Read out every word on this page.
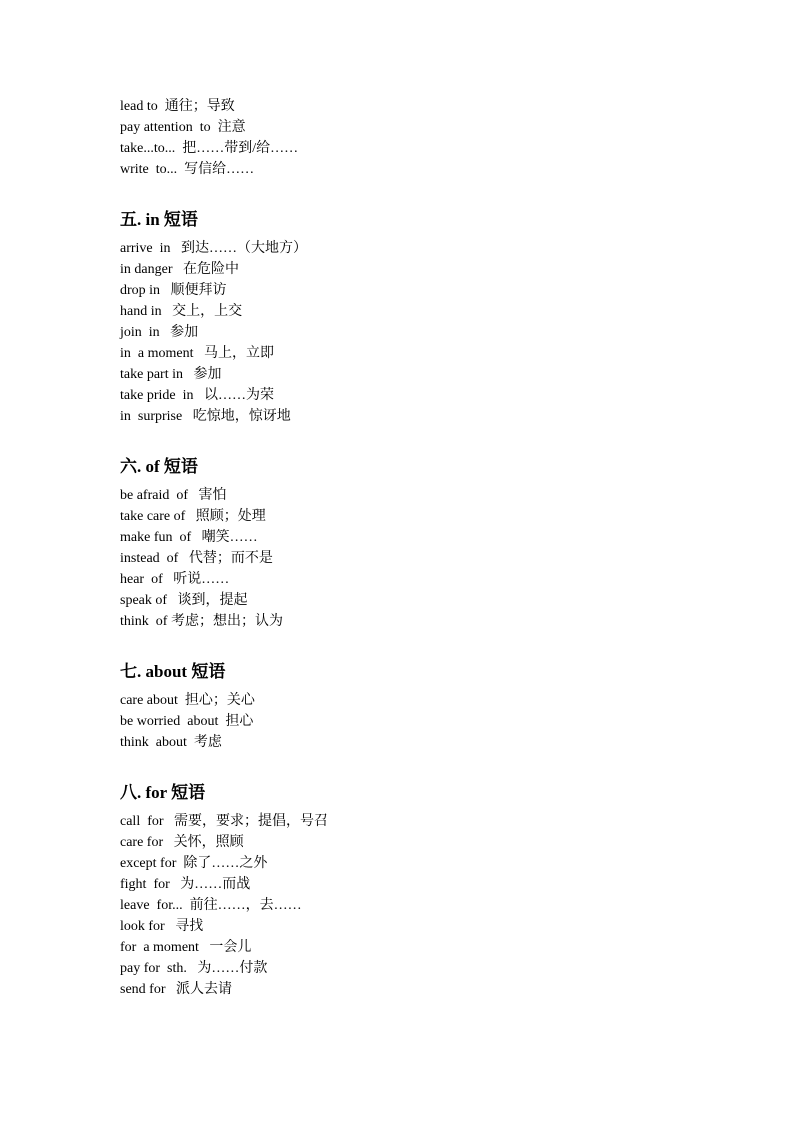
lead to  通往；导致
pay attention  to  注意
take...to...  把……带到/给……
write  to...  写信给……
五. in 短语
arrive  in   到达……（大地方）
in danger   在危险中
drop in   顺便拜访
hand in   交上，上交
join  in   参加
in  a moment   马上，立即
take part in   参加
take pride  in   以……为荣
in  surprise   吃惊地，惊讶地
六. of 短语
be afraid  of   害怕
take care of   照顾；处理
make fun  of   嘲笑……
instead  of   代替；而不是
hear  of   听说……
speak of   谈到，提起
think  of 考虑；想出；认为
七. about 短语
care about  担心；关心
be worried  about  担心
think  about  考虑
八. for 短语
call  for   需要，要求；提倡，号召
care for   关怀，照顾
except for  除了……之外
fight  for   为……而战
leave  for...  前往……，去……
look for   寻找
for  a moment   一会儿
pay for  sth.   为……付款
send for   派人去请
